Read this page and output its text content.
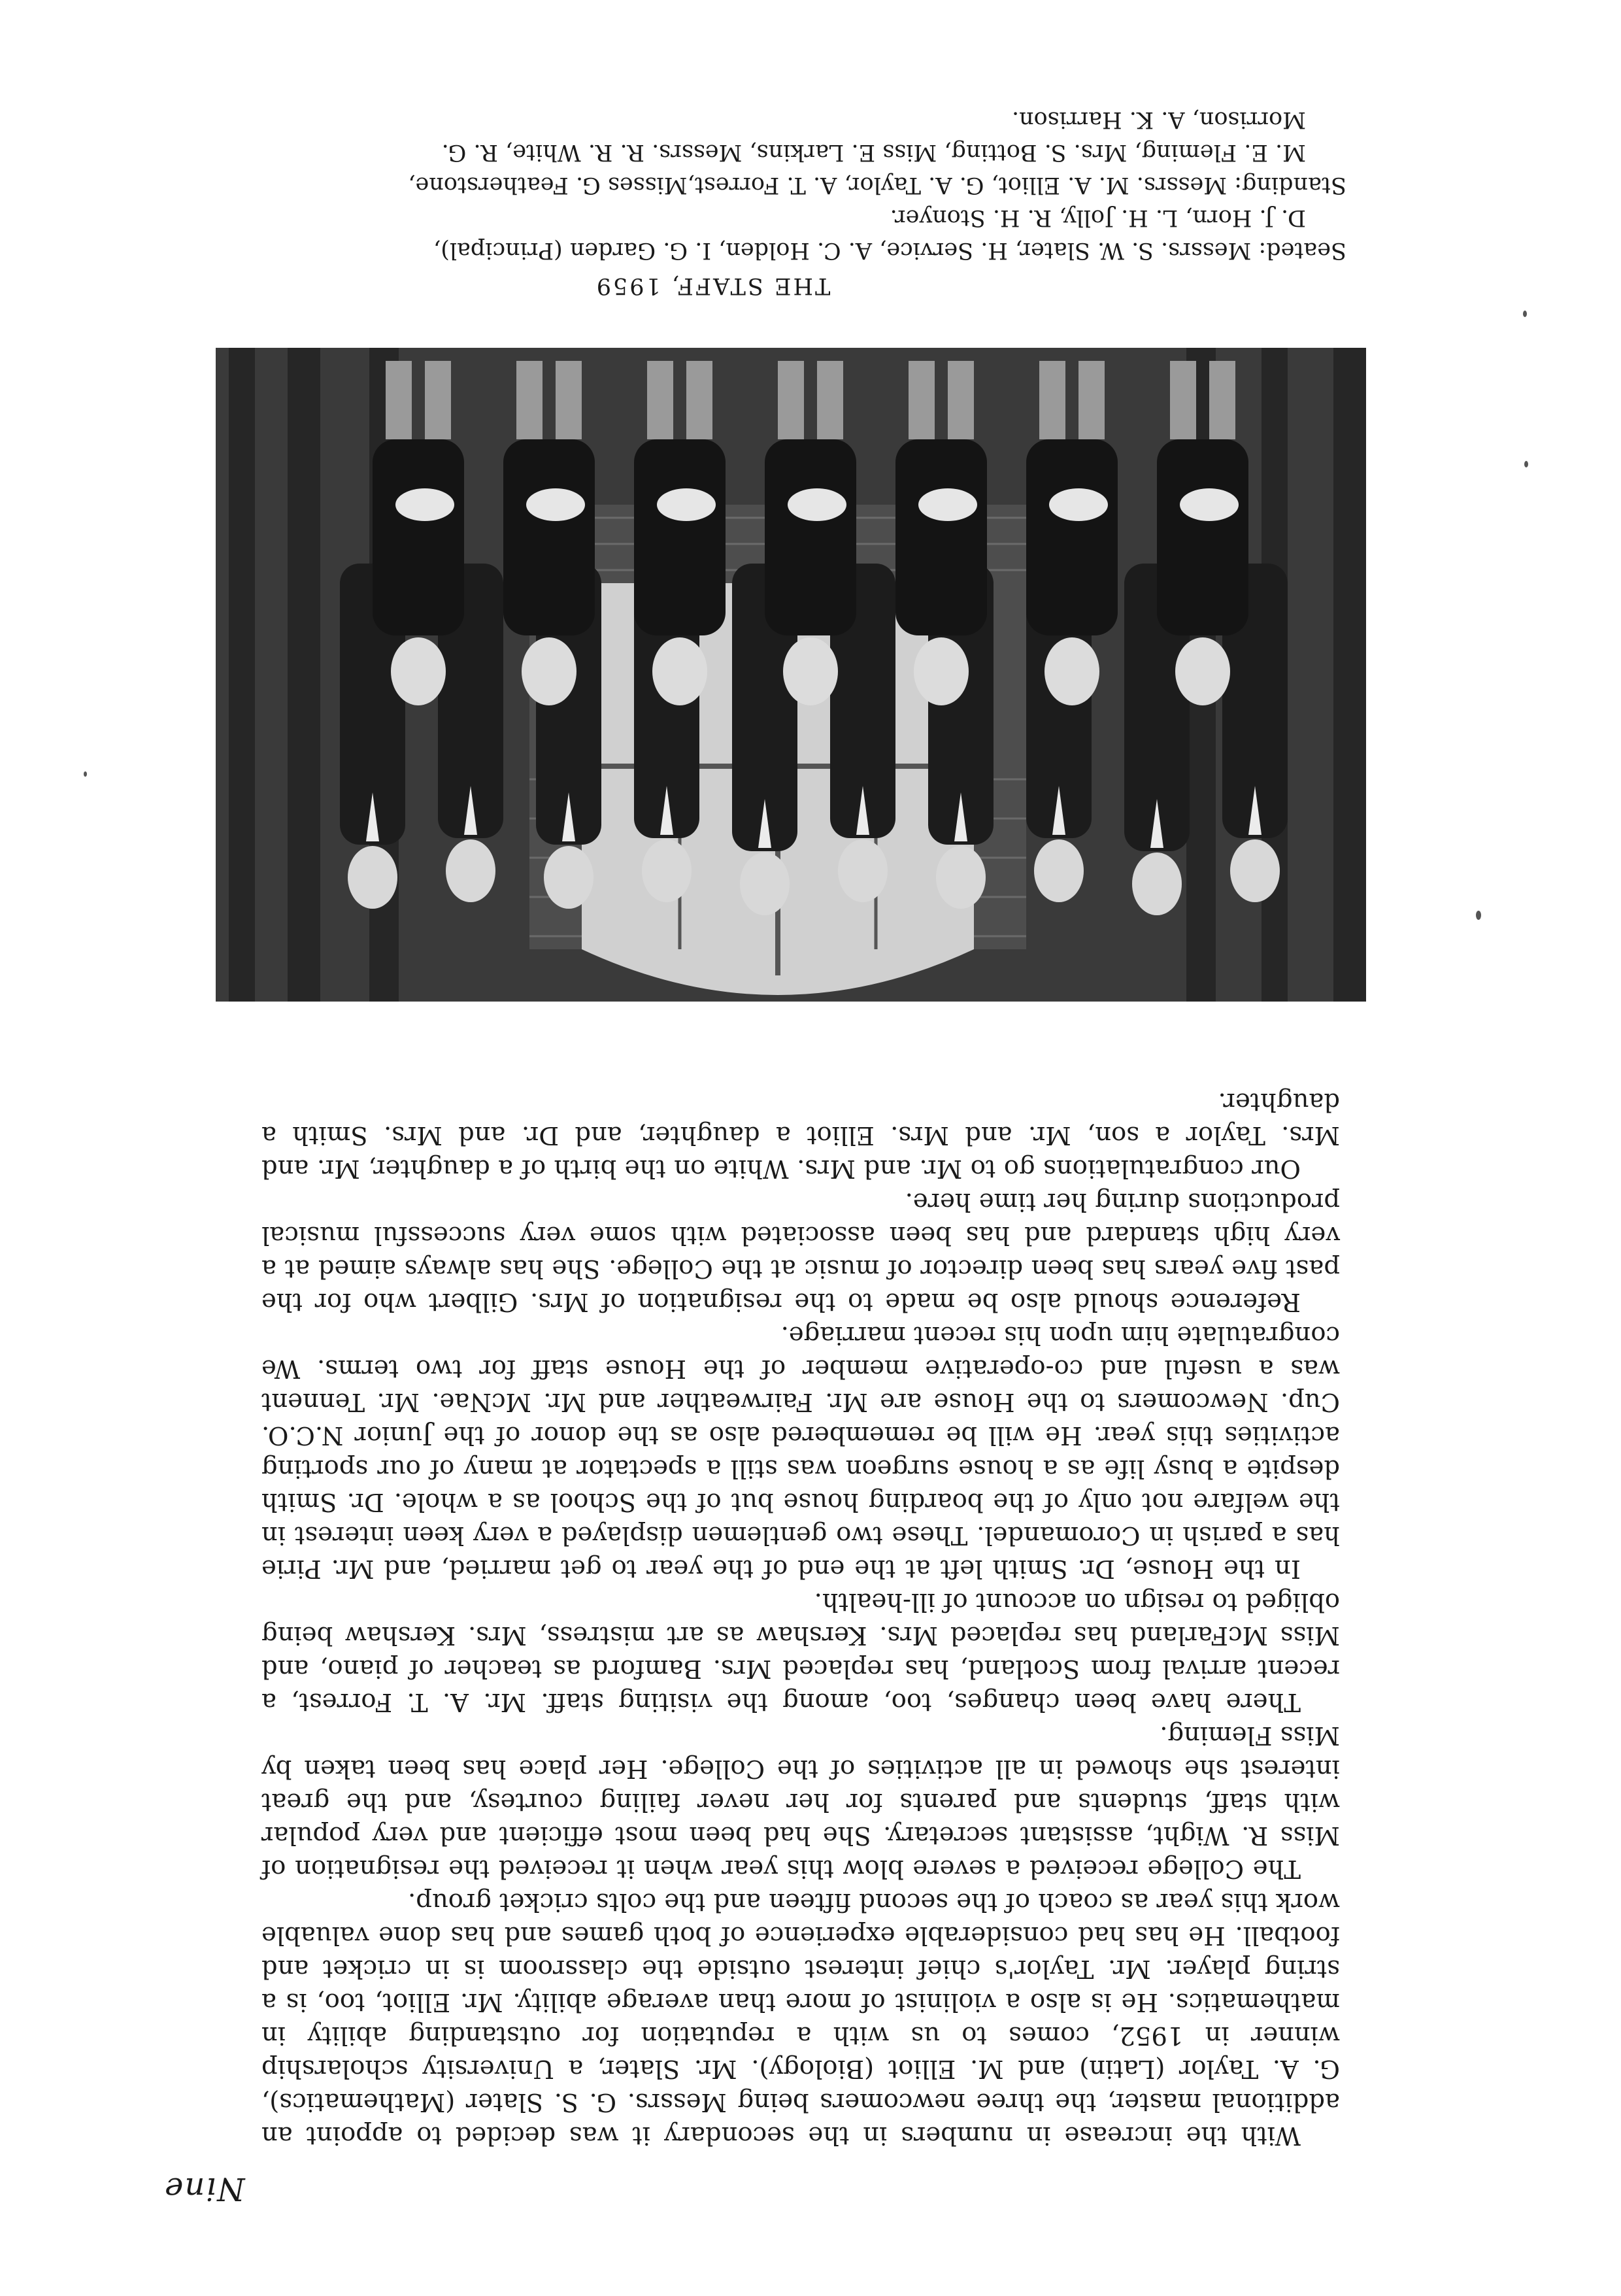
Nine
THE STAFF, 1959
Seated: Messrs. S. W. Slater, H. Service, A. C. Holden, I. G. Garden (Principal),
D. J. Horn, L. H. Jolly, R. H. Stonyer.
Standing: Messrs. M. A. Elliot, G. A. Taylor, A. T. Forrest,Misses G. Featherstone,
M. E. Fleming, Mrs. S. Botting, Miss E. Larkins, Messrs. R. R. White, R. G.
Morrison, A. K. Harrison.

With the increase in numbers in the secondary it was decided to appoint an additional master, the three newcomers being Messrs. G. S. Slater (Mathematics), G. A. Taylor (Latin) and M. Elliot (Biology). Mr. Slater, a University scholarship winner in 1952, comes to us with a reputation for outstanding ability in mathematics. He is also a violinist of more than average ability. Mr. Elliot, too, is a string player. Mr. Taylor's chief interest outside the classroom is in cricket and football. He has had considerable experience of both games and has done valuable work this year as coach of the second fifteen and the colts cricket group.

The College received a severe blow this year when it received the resignation of Miss R. Wight, assistant secretary. She had been most efficient and very popular with staff, students and parents for her never failing courtesy, and the great interest she showed in all activities of the College. Her place has been taken by Miss Fleming.

There have been changes, too, among the visiting staff. Mr. A. T. Forrest, a recent arrival from Scotland, has replaced Mrs. Bamford as teacher of piano, and Miss McFarland has replaced Mrs. Kershaw as art mistress, Mrs. Kershaw being obliged to resign on account of ill-health.

In the House, Dr. Smith left at the end of the year to get married, and Mr. Pirie has a parish in Coromandel. These two gentlemen displayed a very keen interest in the welfare not only of the boarding house but of the School as a whole. Dr. Smith despite a busy life as a house surgeon was still a spectator at many of our sporting activities this year. He will be remembered also as the donor of the Junior N.C.O. Cup. Newcomers to the House are Mr. Fairweather and Mr. McNae. Mr. Tennent was a useful and co-operative member of the House staff for two terms. We congratulate him upon his recent marriage.

Reference should also be made to the resignation of Mrs. Gilbert who for the past five years has been director of music at the College. She has always aimed at a very high standard and has been associated with some very successful musical productions during her time here.

Our congratulations go to Mr. and Mrs. White on the birth of a daughter, Mr. and Mrs. Taylor a son, Mr. and Mrs. Elliot a daughter, and Dr. and Mrs. Smith a daughter.
